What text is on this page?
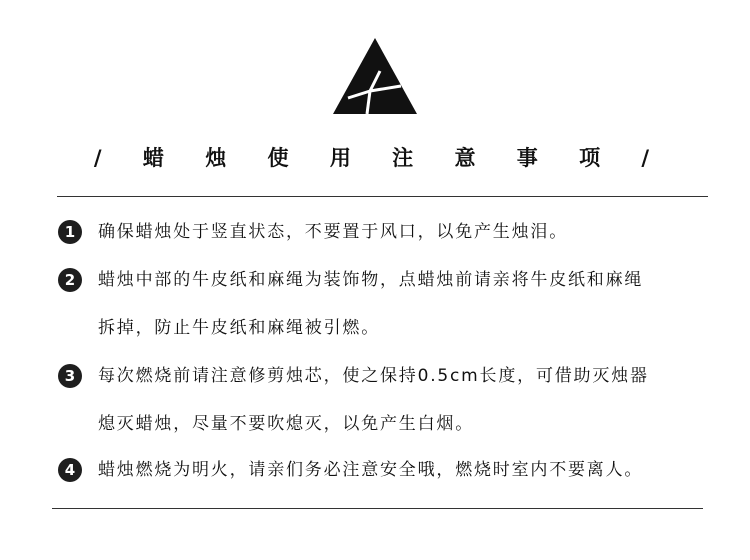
/ 蜡 烛 使 用 注 意 事 项 /
1	确保蜡烛处于竖直状态，不要置于风口，以免产生烛泪。
2	蜡烛中部的牛皮纸和麻绳为装饰物，点蜡烛前请亲将牛皮纸和麻绳
拆掉，防止牛皮纸和麻绳被引燃。
3	每次燃烧前请注意修剪烛芯，使之保持0.5cm长度，可借助灭烛器
熄灭蜡烛，尽量不要吹熄灭，以免产生白烟。
4	蜡烛燃烧为明火，请亲们务必注意安全哦，燃烧时室内不要离人。
